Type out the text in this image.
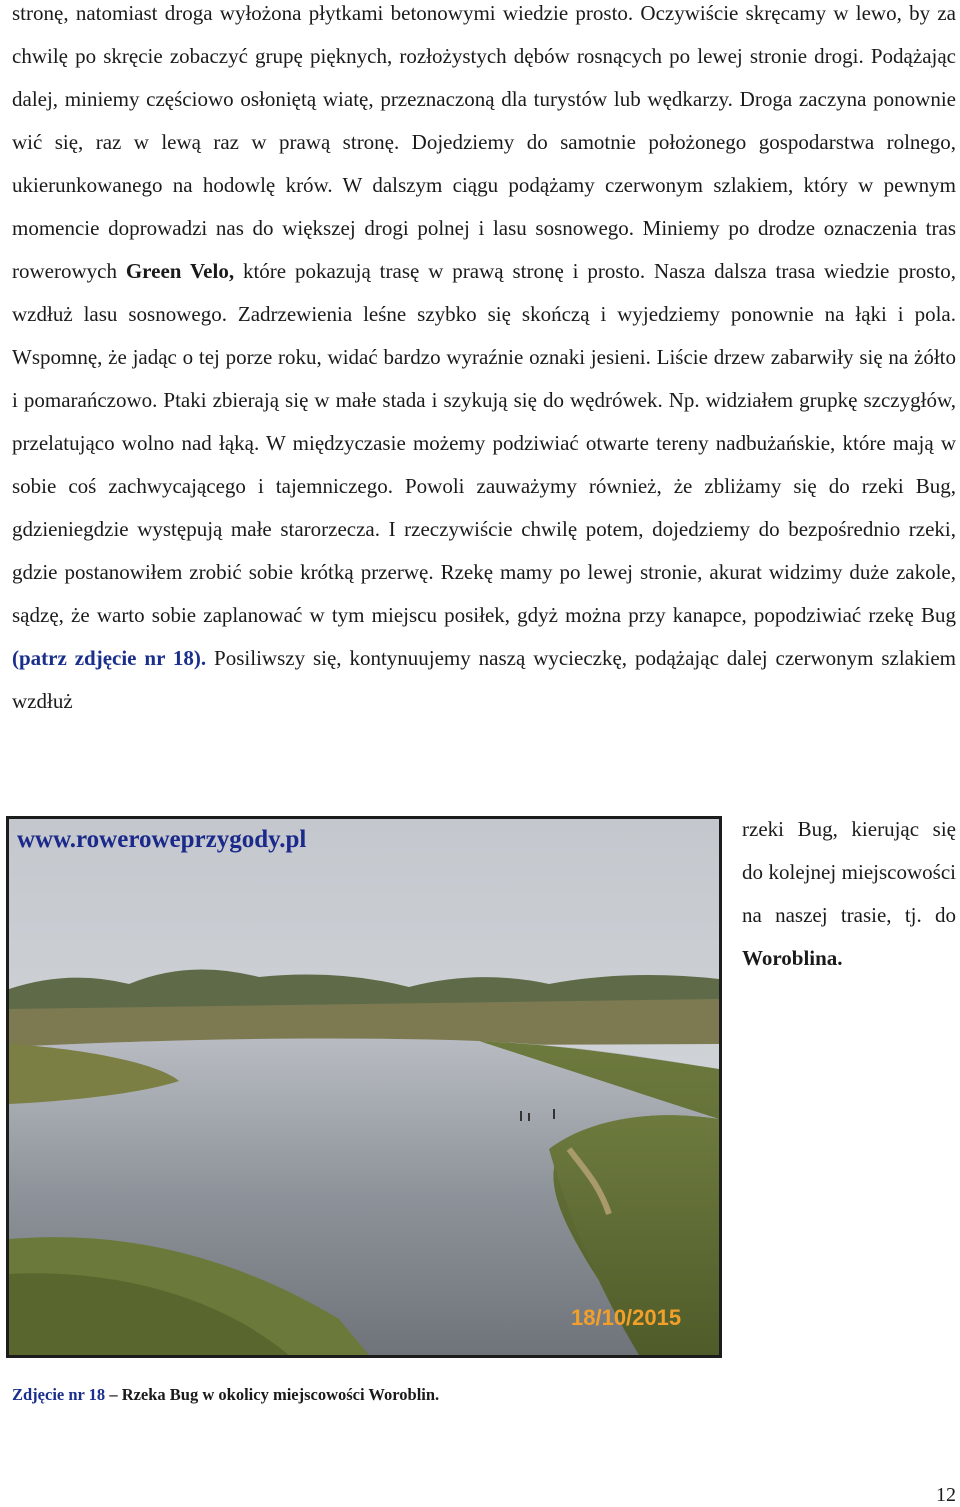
stronę, natomiast droga wyłożona płytkami betonowymi wiedzie prosto. Oczywiście skręcamy w lewo, by za chwilę po skręcie zobaczyć grupę pięknych, rozłożystych dębów rosnących po lewej stronie drogi. Podążając dalej, miniemy częściowo osłoniętą wiatę, przeznaczoną dla turystów lub wędkarzy. Droga zaczyna ponownie wić się, raz w lewą raz w prawą stronę. Dojedziemy do samotnie położonego gospodarstwa rolnego, ukierunkowanego na hodowlę krów. W dalszym ciągu podążamy czerwonym szlakiem, który w pewnym momencie doprowadzi nas do większej drogi polnej i lasu sosnowego. Miniemy po drodze oznaczenia tras rowerowych Green Velo, które pokazują trasę w prawą stronę i prosto. Nasza dalsza trasa wiedzie prosto, wzdłuż lasu sosnowego. Zadrzewienia leśne szybko się skończą i wyjedziemy ponownie na łąki i pola. Wspomnę, że jadąc o tej porze roku, widać bardzo wyraźnie oznaki jesieni. Liście drzew zabarwiły się na żółto i pomarańczowo. Ptaki zbierają się w małe stada i szykują się do wędrówek. Np. widziałem grupkę szczygłów, przelatująco wolno nad łąką. W międzyczasie możemy podziwiać otwarte tereny nadbużańskie, które mają w sobie coś zachwycającego i tajemniczego. Powoli zauważymy również, że zbliżamy się do rzeki Bug, gdzieniegdzie występują małe starorzecza. I rzeczywiście chwilę potem, dojedziemy do bezpośrednio rzeki, gdzie postanowiłem zrobić sobie krótką przerwę. Rzekę mamy po lewej stronie, akurat widzimy duże zakole, sądzę, że warto sobie zaplanować w tym miejscu posiłek, gdyż można przy kanapce, popodziwiać rzekę Bug (patrz zdjęcie nr 18). Posiliwszy się, kontynuujemy naszą wycieczkę, podążając dalej czerwonym szlakiem wzdłuż

www.rowerowеprzygody.pl
18/10/2015

rzeki Bug, kierując się do kolejnej miejscowości na naszej trasie, tj. do Woroblina.

Zdjęcie nr 18 – Rzeka Bug w okolicy miejscowości Woroblin.
12
